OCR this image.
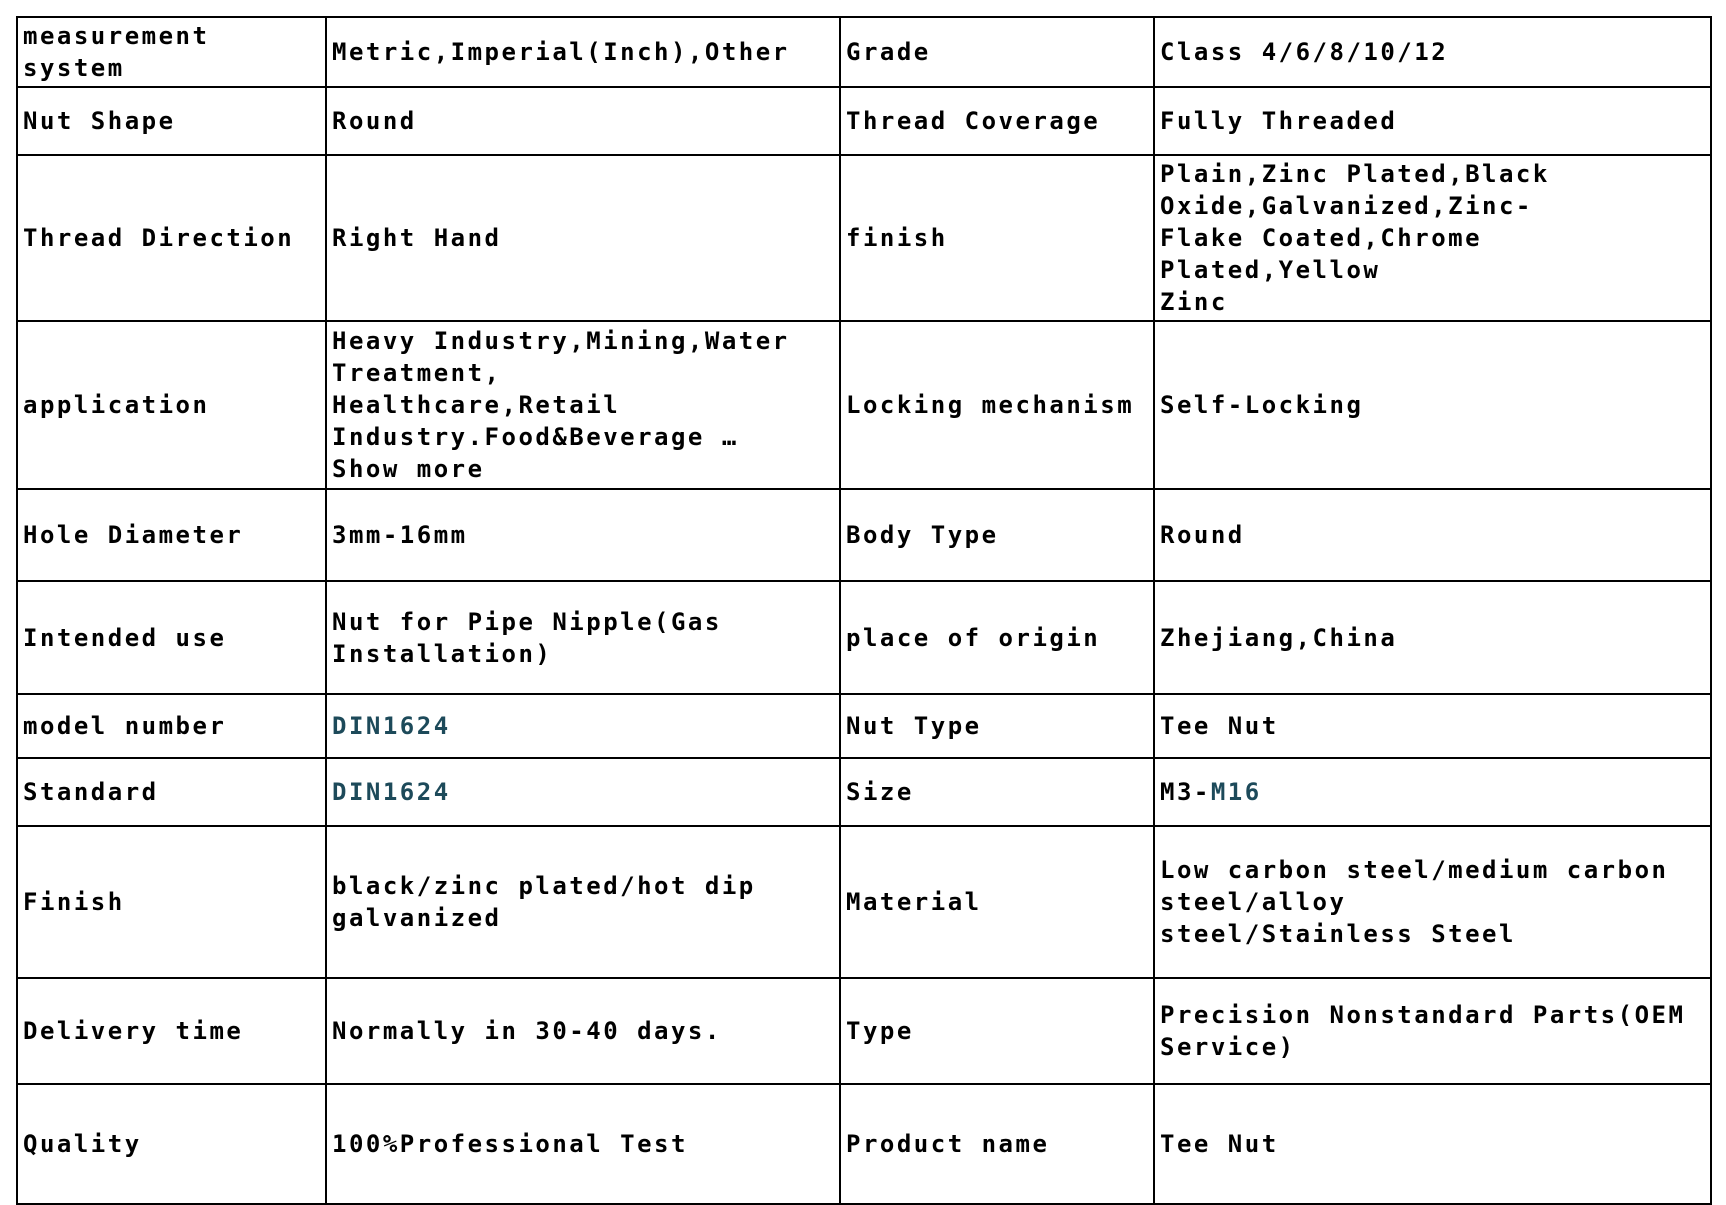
measurement system	Metric,Imperial(Inch),Other	Grade	Class 4/6/8/10/12
Nut Shape	Round	Thread Coverage	Fully Threaded
Thread Direction	Right Hand	finish	Plain,Zinc Plated,Black
Oxide,Galvanized,Zinc-
Flake Coated,Chrome Plated,Yellow
Zinc
application	Heavy Industry,Mining,Water
Treatment,
Healthcare,Retail
Industry.Food&Beverage …
Show more	Locking mechanism	Self-Locking
Hole Diameter	3mm-16mm	Body Type	Round
Intended use	Nut for Pipe Nipple(Gas
Installation)	place of origin	Zhejiang,China
model number	DIN1624	Nut Type	Tee Nut
Standard	DIN1624	Size	M3-M16
Finish	black/zinc plated/hot dip
galvanized	Material	Low carbon steel/medium carbon
steel/alloy
steel/Stainless Steel
Delivery time	Normally in 30-40 days.	Type	Precision Nonstandard Parts(OEM
Service)
Quality	100%Professional Test	Product name	Tee Nut
